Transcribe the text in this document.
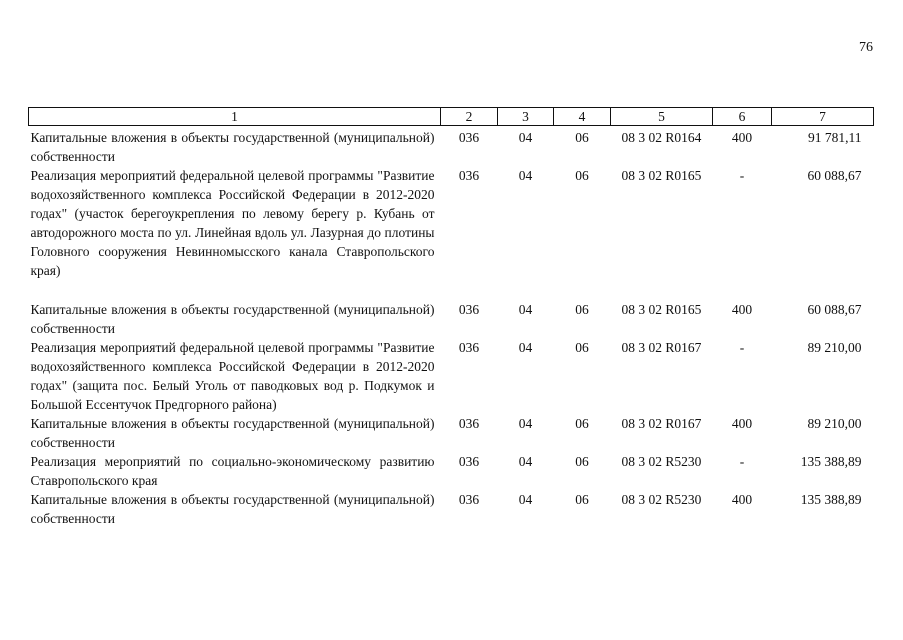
76
1	2	3	4	5	6	7
Капитальные вложения в объекты государственной (муниципальной) собственности	036	04	06	08 3 02 R0164	400	91 781,11
Реализация мероприятий федеральной целевой программы "Развитие водохозяйственного комплекса Российской Федерации в 2012-2020 годах" (участок берегоукрепления по левому берегу р. Кубань от автодорожного моста по ул. Линейная вдоль ул. Лазурная до плотины Головного сооружения Невинномысского канала Ставропольского края)	036	04	06	08 3 02 R0165	-	60 088,67
Капитальные вложения в объекты государственной (муниципальной) собственности	036	04	06	08 3 02 R0165	400	60 088,67
Реализация мероприятий федеральной целевой программы "Развитие водохозяйственного комплекса Российской Федерации в 2012-2020 годах" (защита пос. Белый Уголь от паводковых вод р. Подкумок и Большой Ессентучок Предгорного района)	036	04	06	08 3 02 R0167	-	89 210,00
Капитальные вложения в объекты государственной (муниципальной) собственности	036	04	06	08 3 02 R0167	400	89 210,00
Реализация мероприятий по социально-экономическому развитию Ставропольского края	036	04	06	08 3 02 R5230	-	135 388,89
Капитальные вложения в объекты государственной (муниципальной) собственности	036	04	06	08 3 02 R5230	400	135 388,89
